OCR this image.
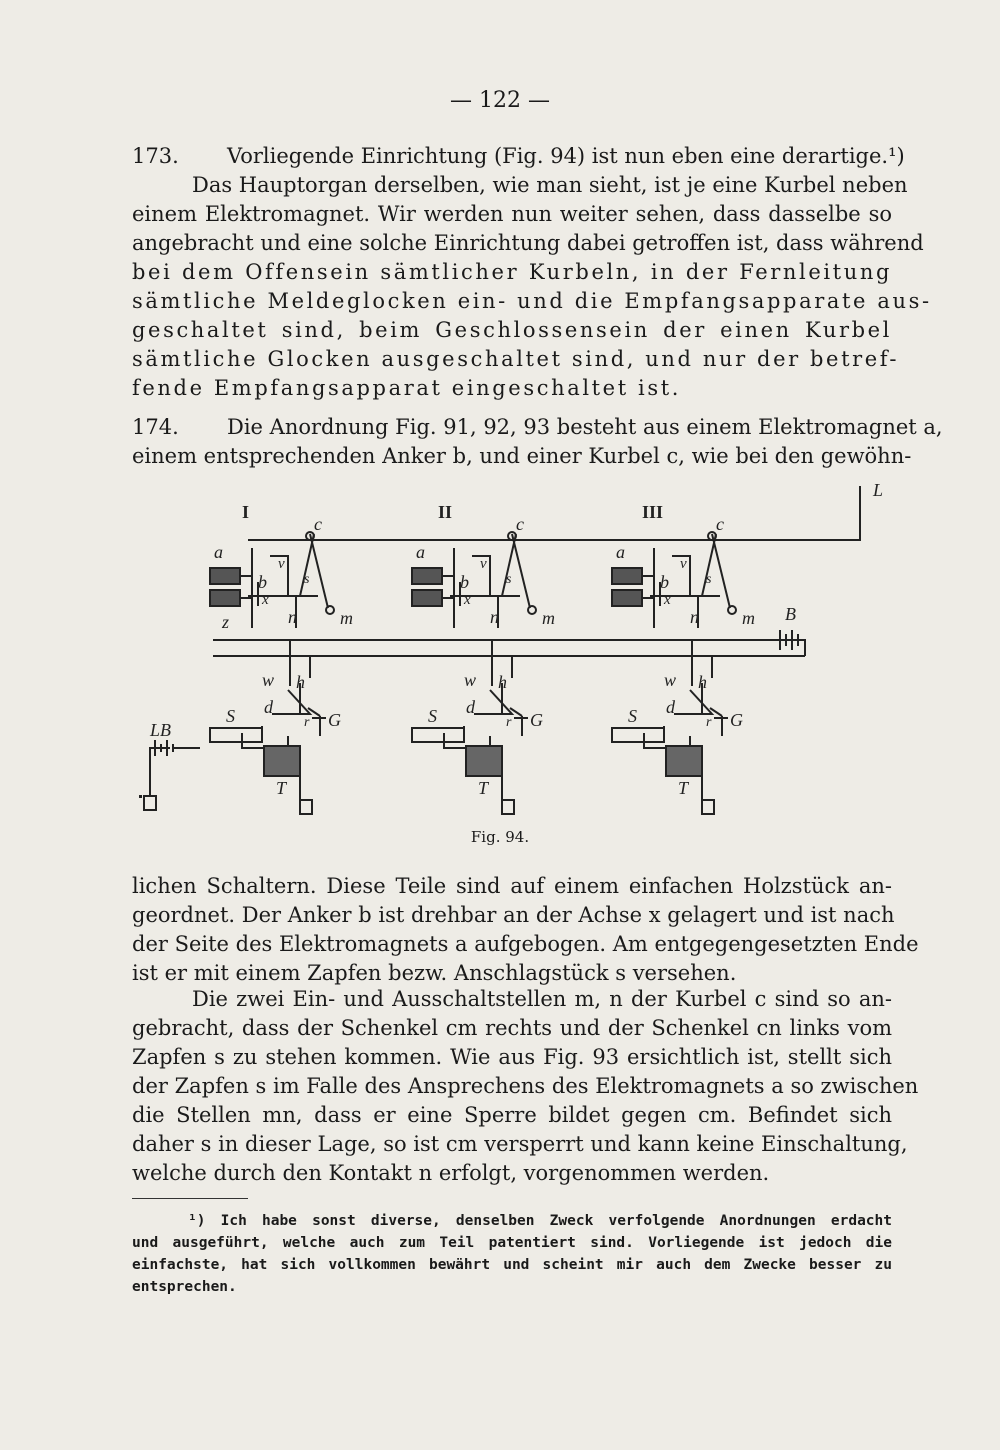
— 122 —
173. Vorliegende Einrichtung (Fig. 94) ist nun eben eine derartige.¹)
Das Hauptorgan derselben, wie man sieht, ist je eine Kurbel neben
einem Elektromagnet. Wir werden nun weiter sehen, dass dasselbe so
angebracht und eine solche Einrichtung dabei getroffen ist, dass während
bei dem Offensein sämtlicher Kurbeln, in der Fernleitung
sämtliche Meldeglocken ein- und die Empfangsapparate aus-
geschaltet sind, beim Geschlossensein der einen Kurbel
sämtliche Glocken ausgeschaltet sind, und nur der betref-
fende Empfangsapparat eingeschaltet ist.
174. Die Anordnung Fig. 91, 92, 93 besteht aus einem Elektromagnet a,
einem entsprechenden Anker b, und einer Kurbel c, wie bei den gewöhn-
L
B
LB
I
c
a
v
b	s
x
z	n m
w h
d
r G
S
T
II
c
a
v
b	s
x
n m
w h
d
r G
S
T
III
c
a
v
b	s
x
n m
w h
d
r G
S
T
Fig. 94.
lichen Schaltern. Diese Teile sind auf einem einfachen Holzstück an-
geordnet. Der Anker b ist drehbar an der Achse x gelagert und ist nach
der Seite des Elektromagnets a aufgebogen. Am entgegengesetzten Ende
ist er mit einem Zapfen bezw. Anschlagstück s versehen.
Die zwei Ein- und Ausschaltstellen m, n der Kurbel c sind so an-
gebracht, dass der Schenkel cm rechts und der Schenkel cn links vom
Zapfen s zu stehen kommen. Wie aus Fig. 93 ersichtlich ist, stellt sich
der Zapfen s im Falle des Ansprechens des Elektromagnets a so zwischen
die Stellen mn, dass er eine Sperre bildet gegen cm. Befindet sich
daher s in dieser Lage, so ist cm versperrt und kann keine Einschaltung,
welche durch den Kontakt n erfolgt, vorgenommen werden.
¹) Ich habe sonst diverse, denselben Zweck verfolgende Anordnungen erdacht
und ausgeführt, welche auch zum Teil patentiert sind. Vorliegende ist jedoch die
einfachste, hat sich vollkommen bewährt und scheint mir auch dem Zwecke besser zu
entsprechen.
